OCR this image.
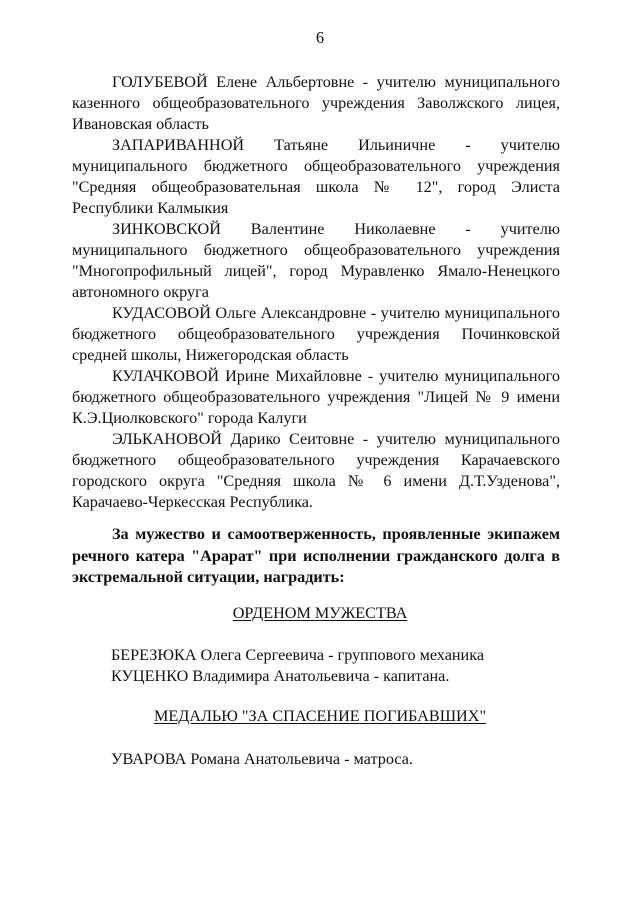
6

ГОЛУБЕВОЙ Елене Альбертовне - учителю муниципального казенного общеобразовательного учреждения Заволжского лицея, Ивановская область

ЗАПАРИВАННОЙ Татьяне Ильиничне - учителю муниципального бюджетного общеобразовательного учреждения "Средняя общеобразовательная школа № 12", город Элиста Республики Калмыкия

ЗИНКОВСКОЙ Валентине Николаевне - учителю муниципального бюджетного общеобразовательного учреждения "Многопрофильный лицей", город Муравленко Ямало-Ненецкого автономного округа

КУДАСОВОЙ Ольге Александровне - учителю муниципального бюджетного общеобразовательного учреждения Починковской средней школы, Нижегородская область

КУЛАЧКОВОЙ Ирине Михайловне - учителю муниципального бюджетного общеобразовательного учреждения "Лицей № 9 имени К.Э.Циолковского" города Калуги

ЭЛЬКАНОВОЙ Дарико Сеитовне - учителю муниципального бюджетного общеобразовательного учреждения Карачаевского городского округа "Средняя школа № 6 имени Д.Т.Узденова", Карачаево-Черкесская Республика.

За мужество и самоотверженность, проявленные экипажем речного катера "Арарат" при исполнении гражданского долга в экстремальной ситуации, наградить:

ОРДЕНОМ МУЖЕСТВА

БЕРЕЗЮКА Олега Сергеевича - группового механика

КУЦЕНКО Владимира Анатольевича - капитана.

МЕДАЛЬЮ "ЗА СПАСЕНИЕ ПОГИБАВШИХ"

УВАРОВА Романа Анатольевича - матроса.
